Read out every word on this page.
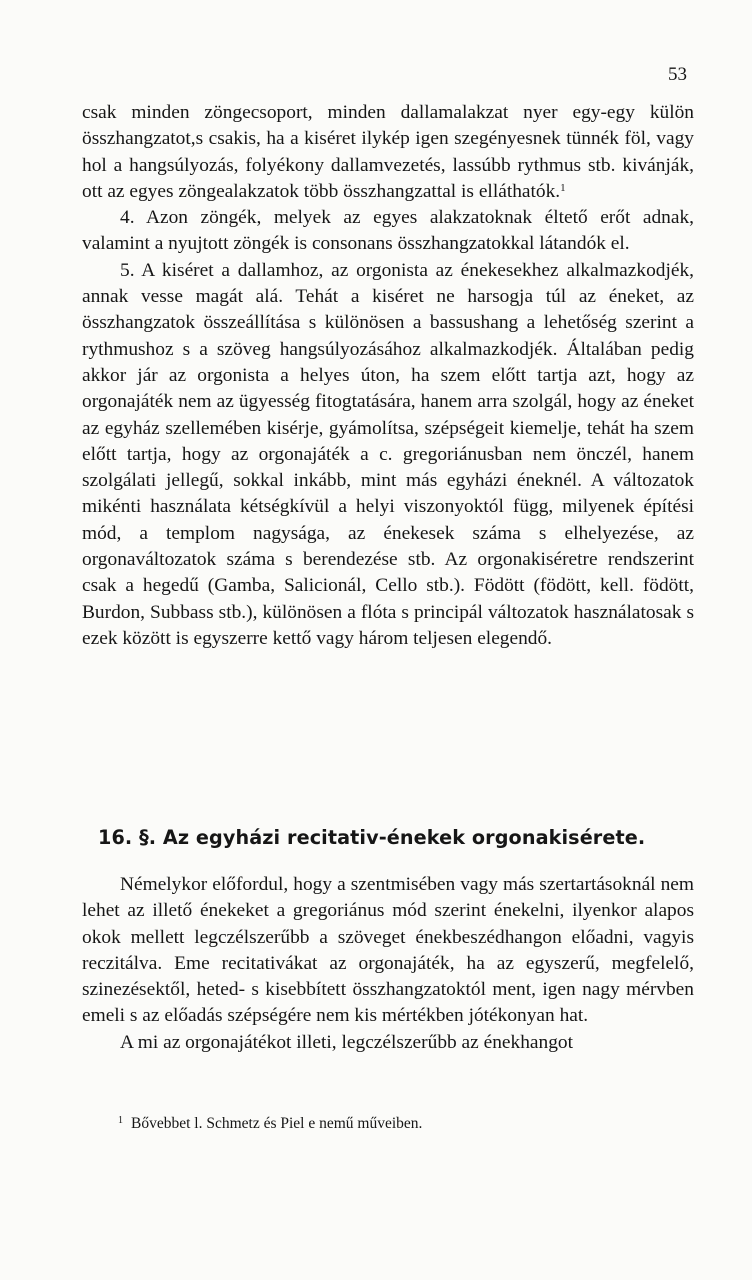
53

csak minden zöngecsoport, minden dallamalakzat nyer egy-egy külön összhangzatot,s csakis, ha a kiséret ilykép igen szegényesnek tünnék föl, vagy hol a hangsúlyozás, folyékony dallamvezetés, lassúbb rythmus stb. kivánják, ott az egyes zöngealakzatok több összhangzattal is elláthatók.$^1$

4. Azon zöngék, melyek az egyes alakzatoknak éltető erőt adnak, valamint a nyujtott zöngék is consonans összhangzatokkal látandók el.

5. A kiséret a dallamhoz, az orgonista az énekesekhez alkalmazkodjék, annak vesse magát alá. Tehát a kiséret ne harsogja túl az éneket, az összhangzatok összeállítása s különösen a bassushang a lehetőség szerint a rythmushoz s a szöveg hangsúlyozásához alkalmazkodjék. Általában pedig akkor jár az orgonista a helyes úton, ha szem előtt tartja azt, hogy az orgonajáték nem az ügyesség fitogtatására, hanem arra szolgál, hogy az éneket az egyház szellemében kisérje, gyámolítsa, szépségeit kiemelje, tehát ha szem előtt tartja, hogy az orgonajáték a c. gregoriánusban nem önczél, hanem szolgálati jellegű, sokkal inkább, mint más egyházi éneknél. A változatok mikénti használata kétségkívül a helyi viszonyoktól függ, milyenek építési mód, a templom nagysága, az énekesek száma s elhelyezése, az orgonaváltozatok száma s berendezése stb. Az orgonakiséretre rendszerint csak a hegedű (Gamba, Salicionál, Cello stb.). Födött (födött, kell. födött, Burdon, Subbass stb.), különösen a flóta s principál változatok használatosak s ezek között is egyszerre kettő vagy három teljesen elegendő.

16. §. Az egyházi recitativ-énekek orgonakisérete.

Némelykor előfordul, hogy a szentmisében vagy más szertartásoknál nem lehet az illető énekeket a gregoriánus mód szerint énekelni, ilyenkor alapos okok mellett legczélszerűbb a szöveget énekbeszédhangon előadni, vagyis reczitálva. Eme recitativákat az orgonajáték, ha az egyszerű, megfelelő, szinezésektől, heted- s kisebbített összhangzatoktól ment, igen nagy mérvben emeli s az előadás szépségére nem kis mértékben jótékonyan hat.

A mi az orgonajátékot illeti, legczélszerűbb az énekhangot

$^1$ Bővebbet l. Schmetz és Piel e nemű műveiben.
